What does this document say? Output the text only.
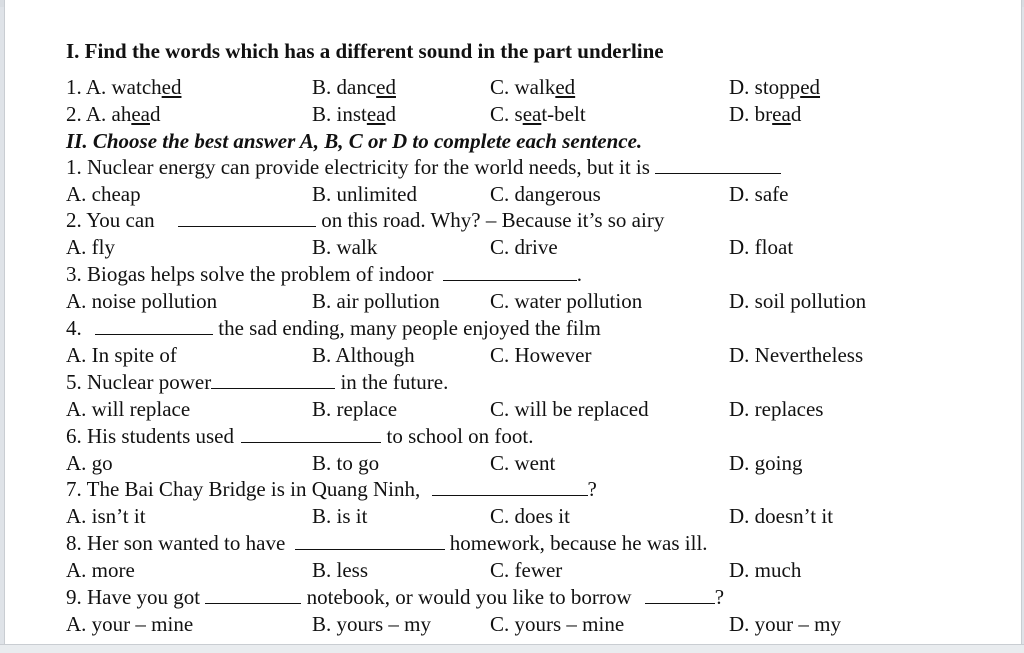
I. Find the words which has a different sound in the part underline
1. A. watched	B. danced	C. walked	D. stopped
2. A. ahead	B. instead	C. seat-belt	D. bread
II. Choose the best answer A, B, C or D to complete each sentence.
1. Nuclear energy can provide electricity for the world needs, but it is
A. cheap	B. unlimited	C. dangerous	D. safe
2. You can	on this road. Why? – Because it’s so airy
A. fly	B. walk	C. drive	D. float
3. Biogas helps solve the problem of indoor	.
A. noise pollution	B. air pollution C. water pollution	D. soil pollution
4.	the sad ending, many people enjoyed the film
A. In spite of	B. Although	C. However	D. Nevertheless
5. Nuclear power	in the future.
A. will replace	B. replace	C. will be replaced	D. replaces
6. His students used	to school on foot.
A. go	B. to go	C. went	D. going
7. The Bai Chay Bridge is in Quang Ninh,	?
A. isn’t it	B. is it	C. does it	D. doesn’t it
8. Her son wanted to have	homework, because he was ill.
A. more	B. less	C. fewer	D. much
9. Have you got	notebook, or would you like to borrow	?
A. your – mine	B. yours – my	C. yours – mine	D. your – my
